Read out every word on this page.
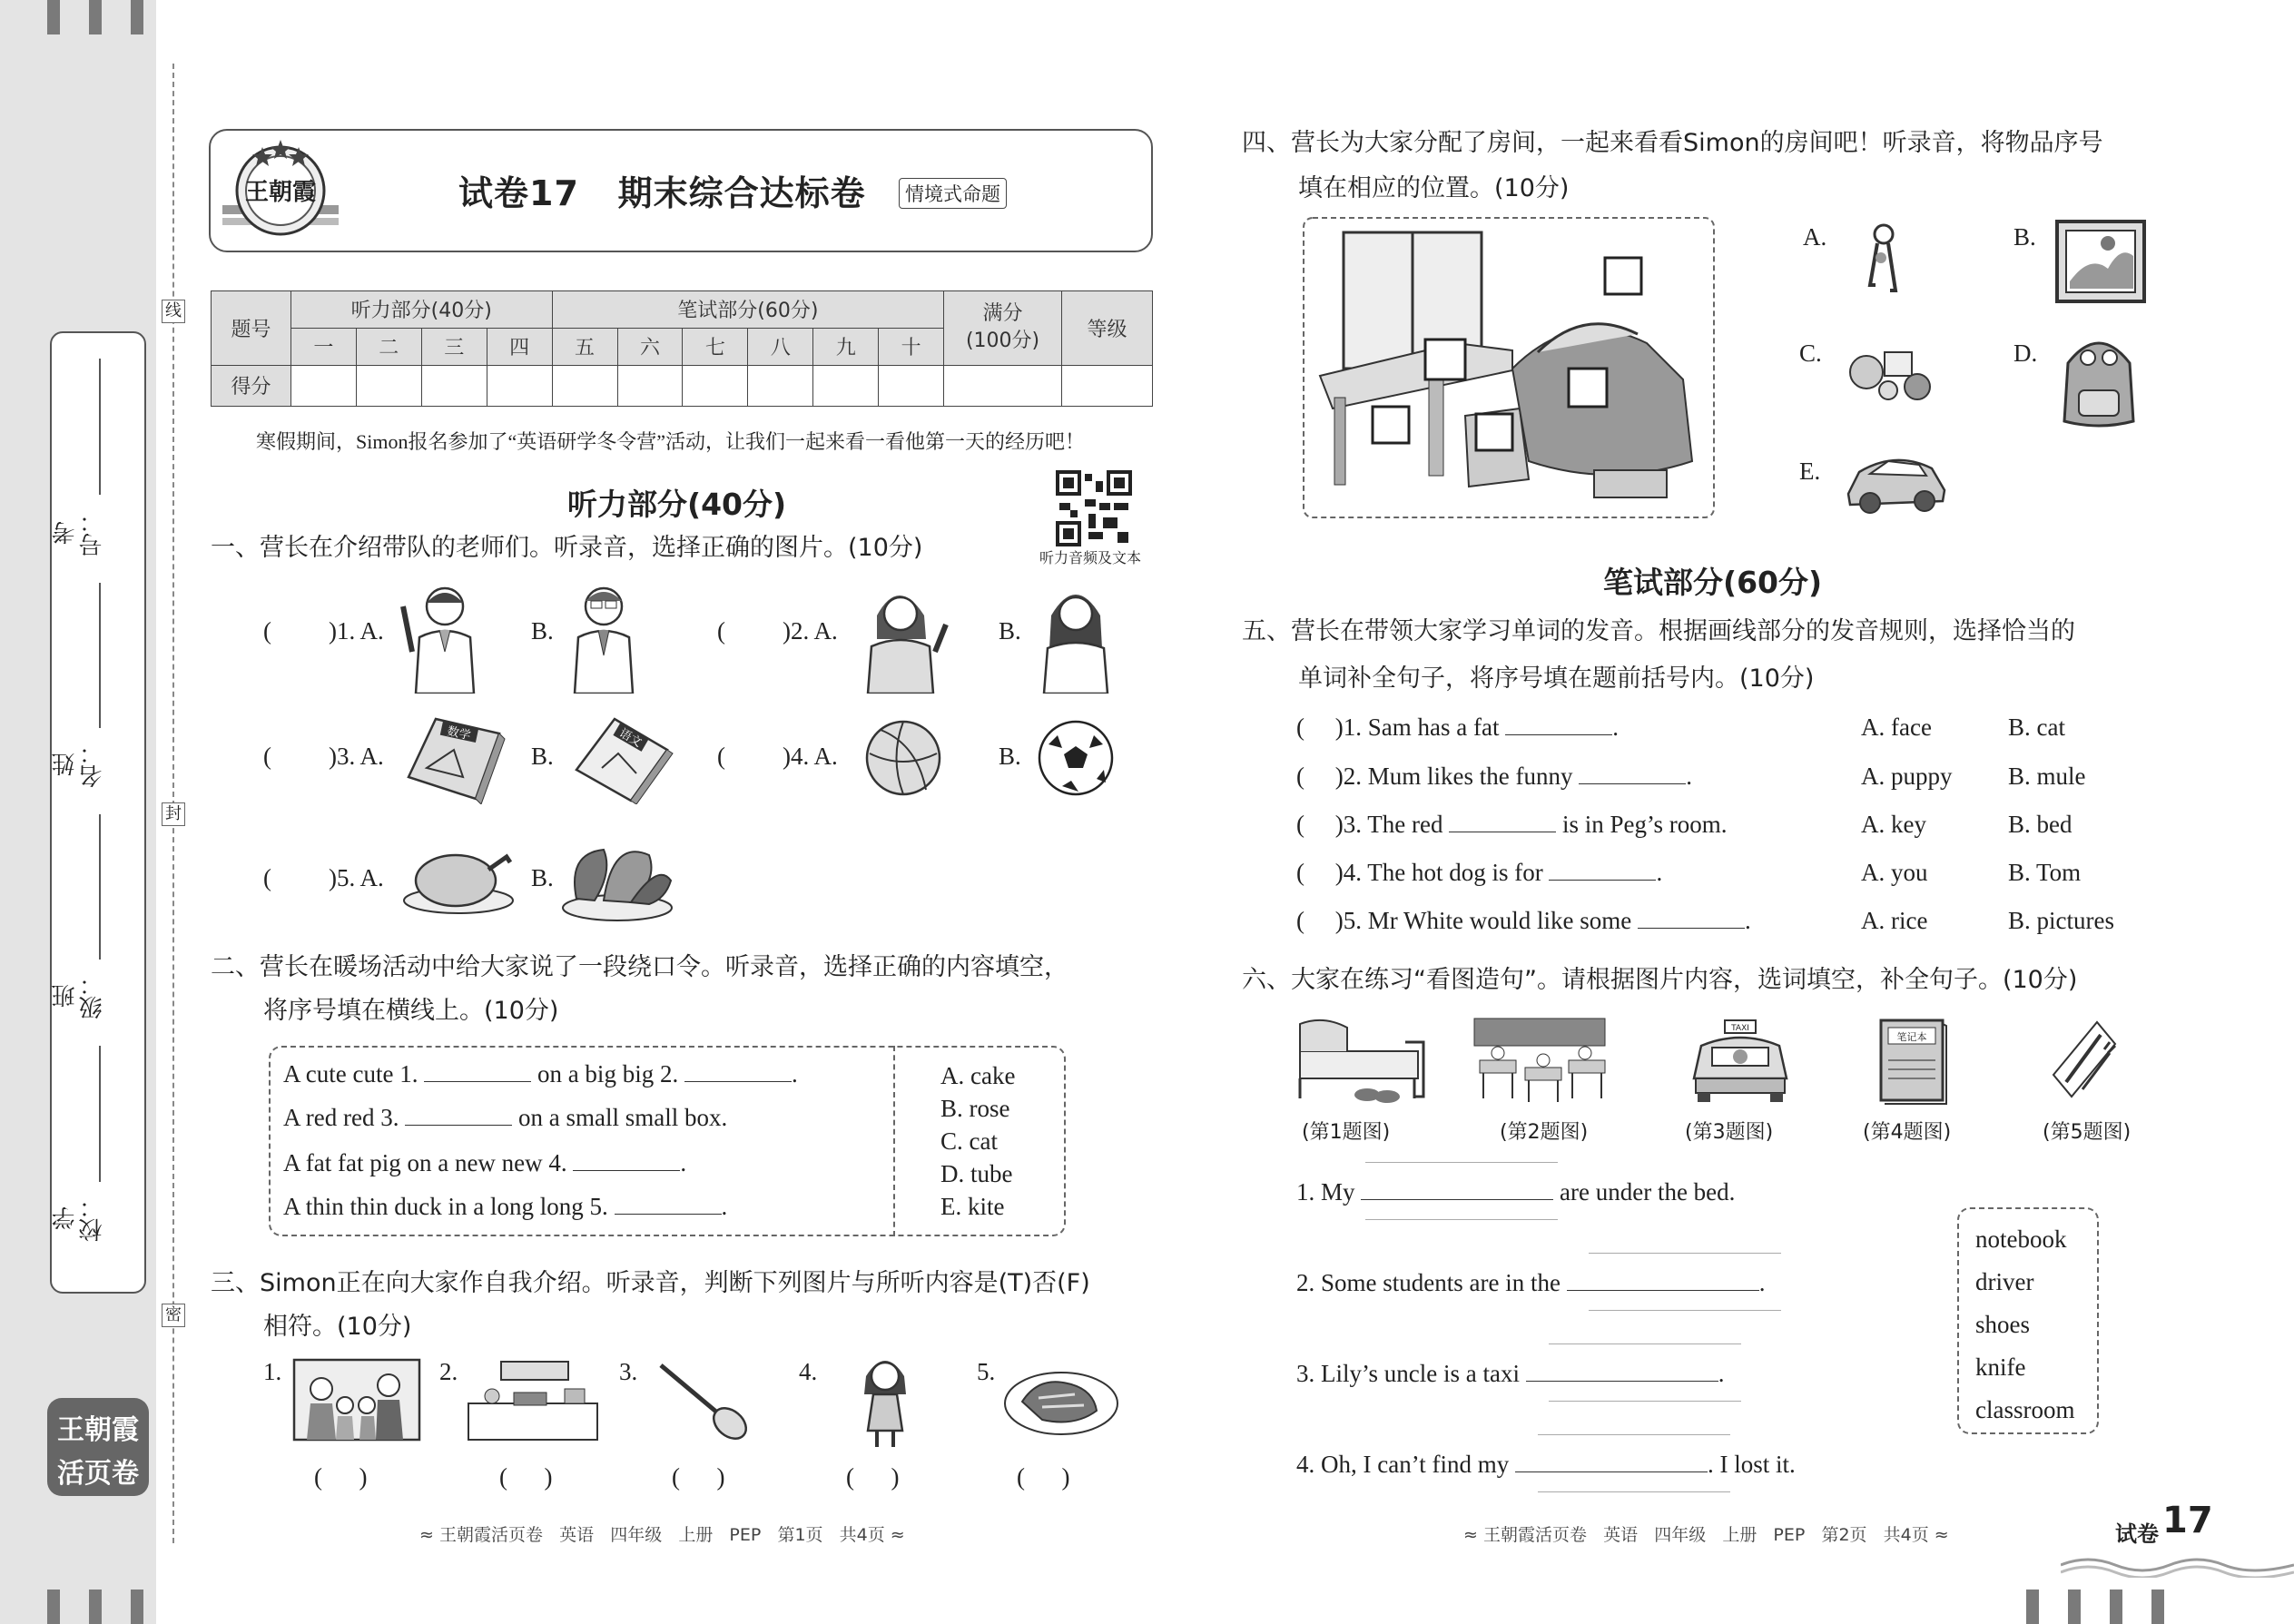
考号：
姓名：
班级：
学校：
线
封
密
王朝霞
活页卷
王朝霞	试卷17   期末综合达标卷	情境式命题
题号	听力部分(40分)				笔试部分(60分)						满分
(100分)	等级
	一	二	三	四	五	六	七	八	九	十		
得分												
寒假期间，Simon报名参加了“英语研学冬令营”活动，让我们一起来看一看他第一天的经历吧！
听力部分(40分)
听力音频及文本
一、营长在介绍带队的老师们。听录音，选择正确的图片。(10分)
( )1. A.	B.	( )2. A.	B.
( )3. A.
数学
B.
语文
( )4. A.	B.
( )5. A.	B.
二、营长在暖场活动中给大家说了一段绕口令。听录音，选择正确的内容填空，
将序号填在横线上。(10分)
A cute cute 1.	on a big big 2.	.
A red red 3.	on a small small box.
A fat fat pig on a new new 4.	.
A thin thin duck in a long long 5.	.
A. cake
B. rose
C. cat
D. tube
E. kite
三、Simon正在向大家作自我介绍。听录音，判断下列图片与所听内容是(T)否(F)
相符。(10分)
1.	2.	3.	4.	5.
(      )	(      )	(      )	(      )	(      )
≈ 王朝霞活页卷   英语   四年级   上册   PEP   第1页   共4页 ≈
四、营长为大家分配了房间，一起来看看Simon的房间吧！听录音，将物品序号
填在相应的位置。(10分)
A.	B.
C.	D.
E.
笔试部分(60分)
五、营长在带领大家学习单词的发音。根据画线部分的发音规则，选择恰当的
单词补全句子，将序号填在题前括号内。(10分)
(     )1. Sam has a fat	.	A. face	B. cat
(     )2. Mum likes the funny	.	A. puppy B. mule
(     )3. The red	is in Peg’s room.	A. key	B. bed
(     )4. The hot dog is for	.	A. you	B. Tom
(     )5. Mr White would like some	.	A. rice	B. pictures
六、大家在练习“看图造句”。请根据图片内容，选词填空，补全句子。(10分)
TAXI
笔记本
(第1题图)	(第2题图)	(第3题图)	(第4题图)	(第5题图)
1. My	are under the bed.
2. Some students are in the	.
3. Lily’s uncle is a taxi	.
4. Oh, I can’t find my	. I lost it.
notebook
driver
shoes
knife
classroom
≈ 王朝霞活页卷   英语   四年级   上册   PEP   第2页   共4页 ≈	试卷 17
